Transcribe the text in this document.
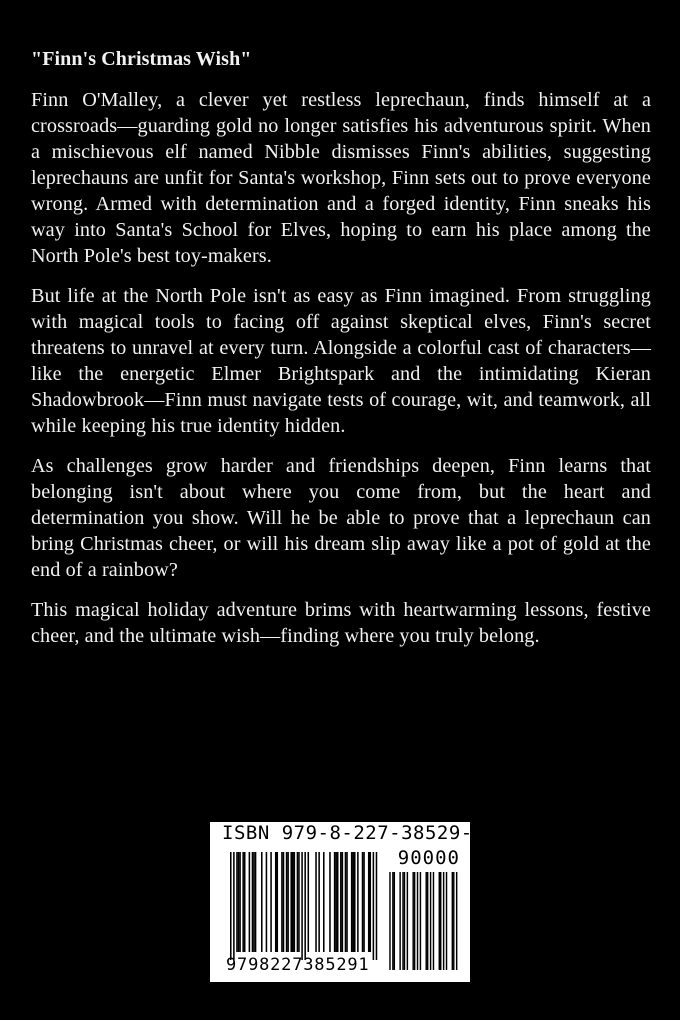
"Finn's Christmas Wish"

Finn O'Malley, a clever yet restless leprechaun, finds himself at a crossroads—guarding gold no longer satisfies his adventurous spirit. When a mischievous elf named Nibble dismisses Finn's abilities, suggesting leprechauns are unfit for Santa's workshop, Finn sets out to prove everyone wrong. Armed with determination and a forged identity, Finn sneaks his way into Santa's School for Elves, hoping to earn his place among the North Pole's best toy-makers.

But life at the North Pole isn't as easy as Finn imagined. From struggling with magical tools to facing off against skeptical elves, Finn's secret threatens to unravel at every turn. Alongside a colorful cast of characters—like the energetic Elmer Brightspark and the intimidating Kieran Shadowbrook—Finn must navigate tests of courage, wit, and teamwork, all while keeping his true identity hidden.

As challenges grow harder and friendships deepen, Finn learns that belonging isn't about where you come from, but the heart and determination you show. Will he be able to prove that a leprechaun can bring Christmas cheer, or will his dream slip away like a pot of gold at the end of a rainbow?

This magical holiday adventure brims with heartwarming lessons, festive cheer, and the ultimate wish—finding where you truly belong.

ISBN 979-8-227-38529-1
90000
9798227385291
